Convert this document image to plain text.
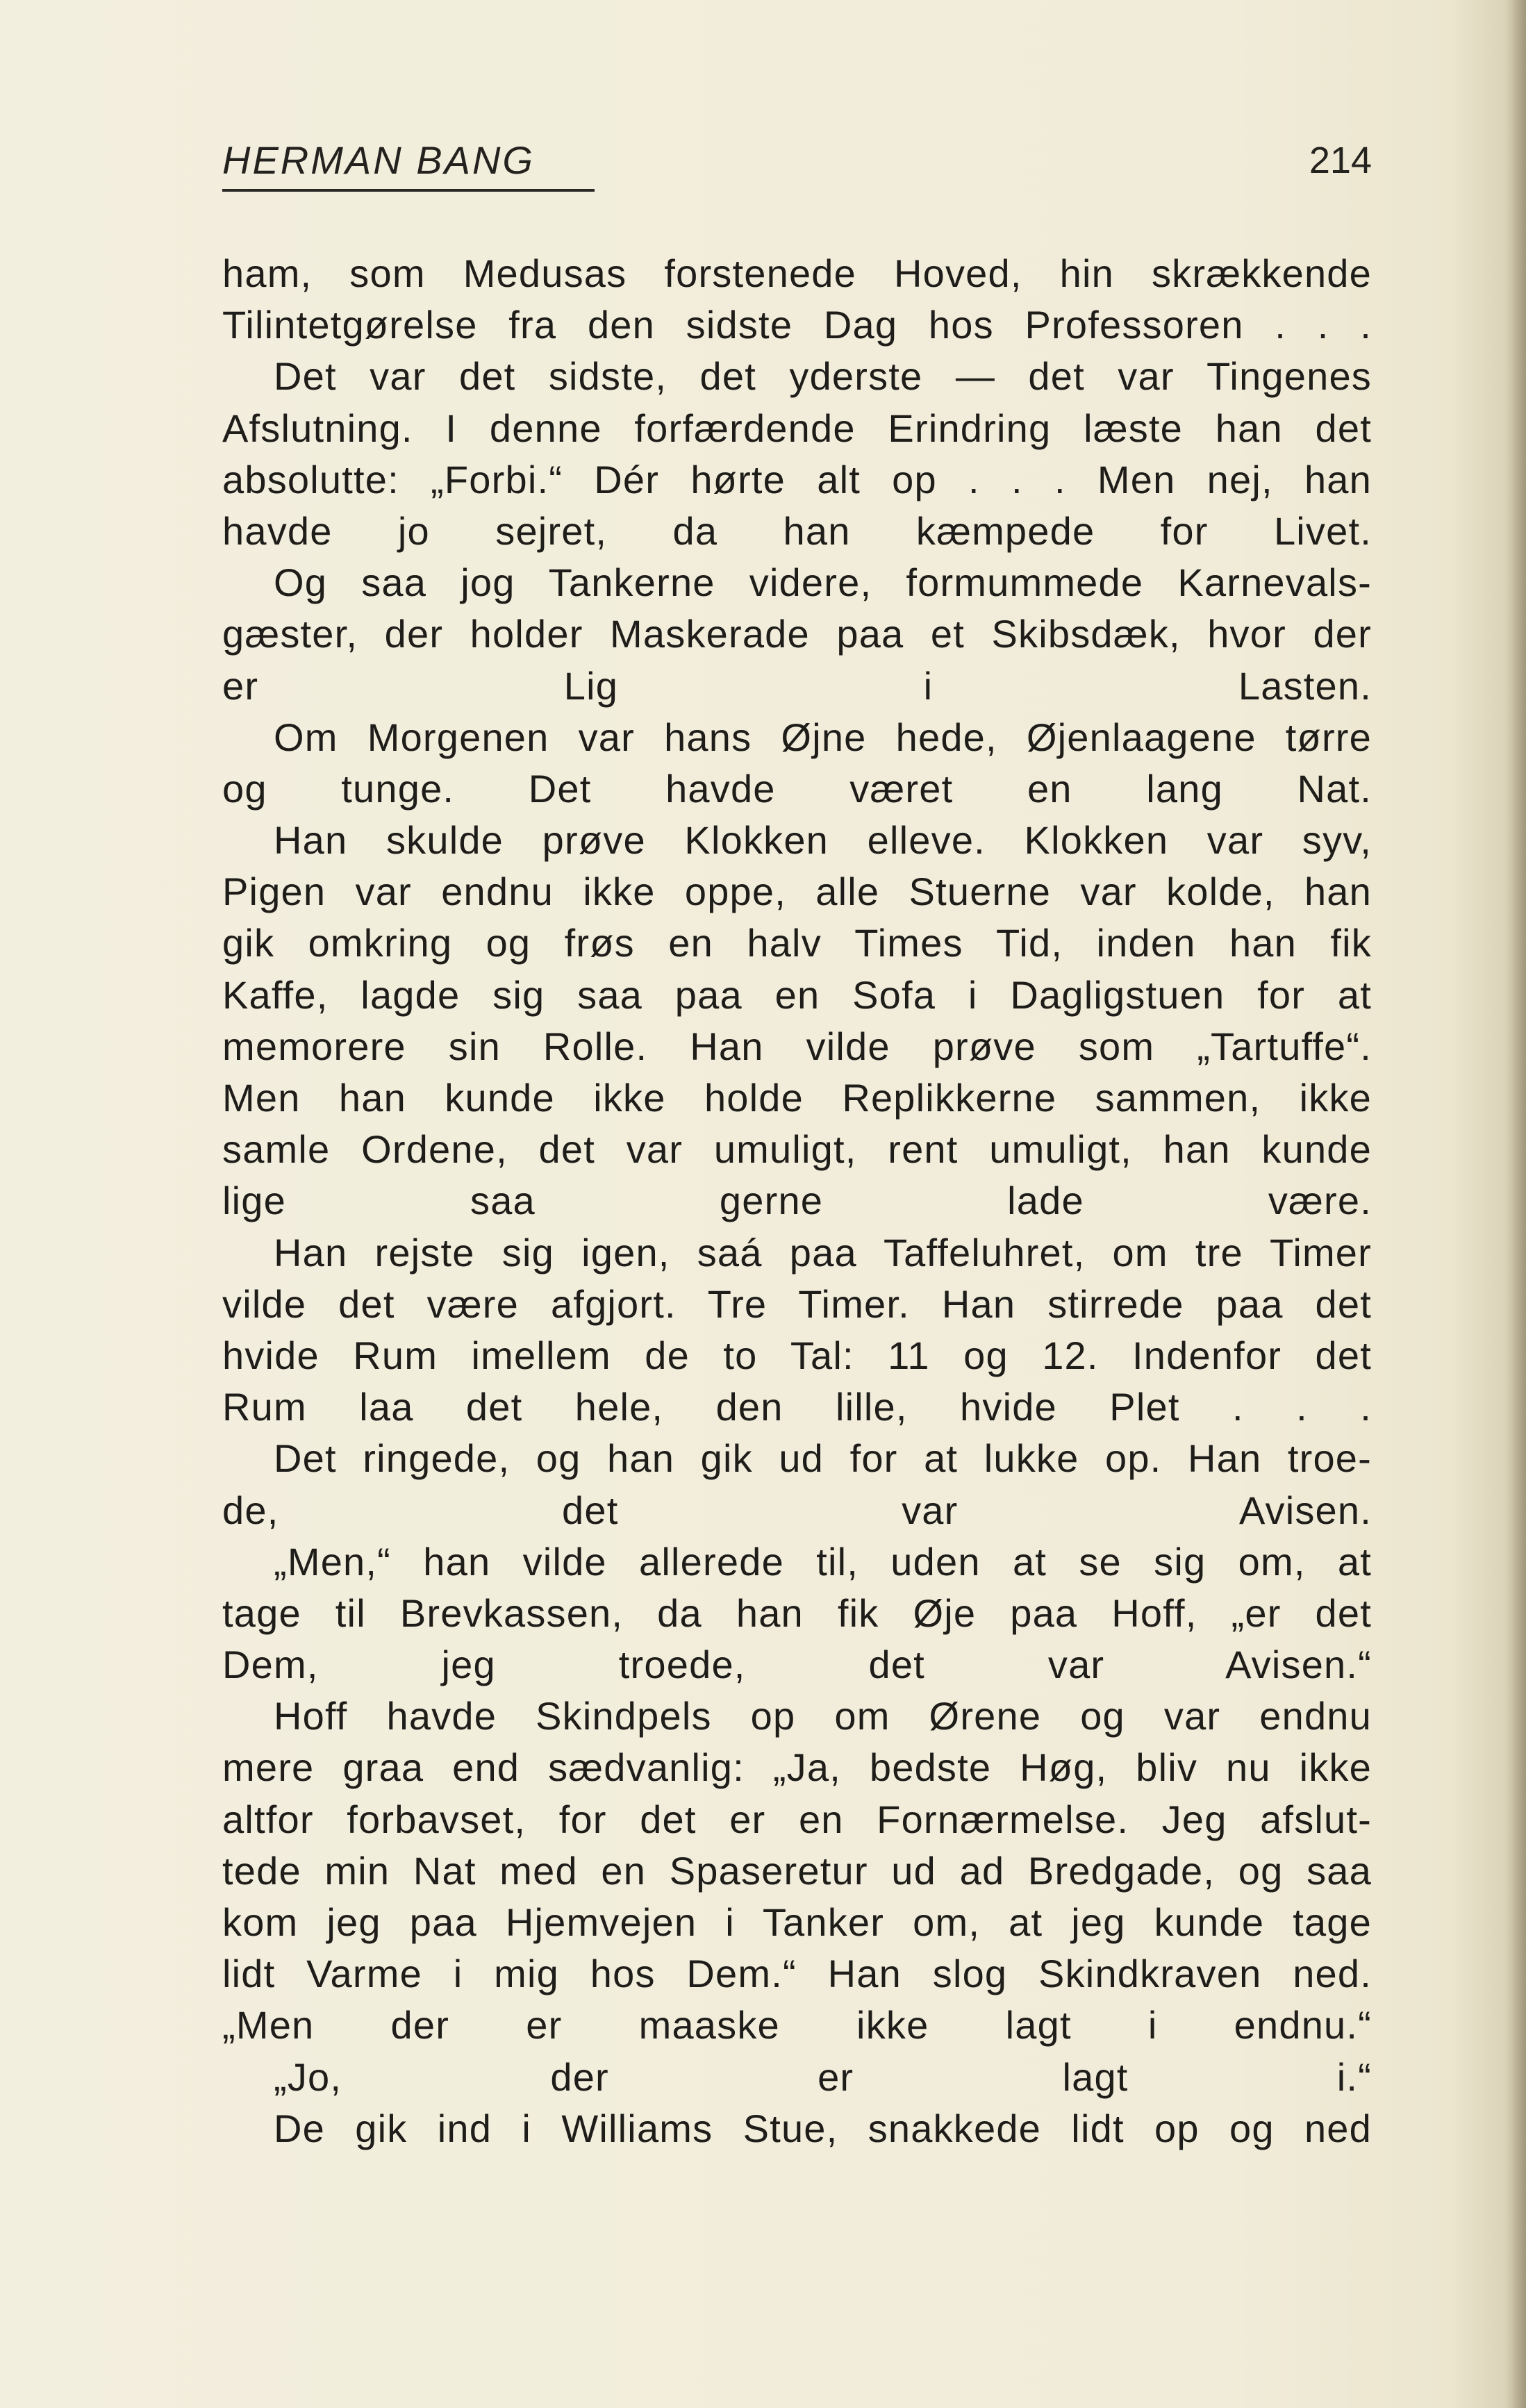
HERMAN BANG	214
ham, som Medusas forstenede Hoved, hin skrækkende
Tilintetgørelse fra den sidste Dag hos Professoren . . .
Det var det sidste, det yderste — det var Tingenes
Afslutning. I denne forfærdende Erindring læste han det
absolutte: „Forbi.“ Dér hørte alt op . . . Men nej, han
havde jo sejret, da han kæmpede for Livet.
Og saa jog Tankerne videre, formummede Karnevals-
gæster, der holder Maskerade paa et Skibsdæk, hvor der
er Lig i Lasten.
Om Morgenen var hans Øjne hede, Øjenlaagene tørre
og tunge. Det havde været en lang Nat.
Han skulde prøve Klokken elleve. Klokken var syv,
Pigen var endnu ikke oppe, alle Stuerne var kolde, han
gik omkring og frøs en halv Times Tid, inden han fik
Kaffe, lagde sig saa paa en Sofa i Dagligstuen for at
memorere sin Rolle. Han vilde prøve som „Tartuffe“.
Men han kunde ikke holde Replikkerne sammen, ikke
samle Ordene, det var umuligt, rent umuligt, han kunde
lige saa gerne lade være.
Han rejste sig igen, saá paa Taffeluhret, om tre Timer
vilde det være afgjort. Tre Timer. Han stirrede paa det
hvide Rum imellem de to Tal: 11 og 12. Indenfor det
Rum laa det hele, den lille, hvide Plet . . .
Det ringede, og han gik ud for at lukke op. Han troe-
de, det var Avisen.
„Men,“ han vilde allerede til, uden at se sig om, at
tage til Brevkassen, da han fik Øje paa Hoff, „er det
Dem, jeg troede, det var Avisen.“
Hoff havde Skindpels op om Ørene og var endnu
mere graa end sædvanlig: „Ja, bedste Høg, bliv nu ikke
altfor forbavset, for det er en Fornærmelse. Jeg afslut-
tede min Nat med en Spaseretur ud ad Bredgade, og saa
kom jeg paa Hjemvejen i Tanker om, at jeg kunde tage
lidt Varme i mig hos Dem.“ Han slog Skindkraven ned.
„Men der er maaske ikke lagt i endnu.“
„Jo, der er lagt i.“
De gik ind i Williams Stue, snakkede lidt op og ned
